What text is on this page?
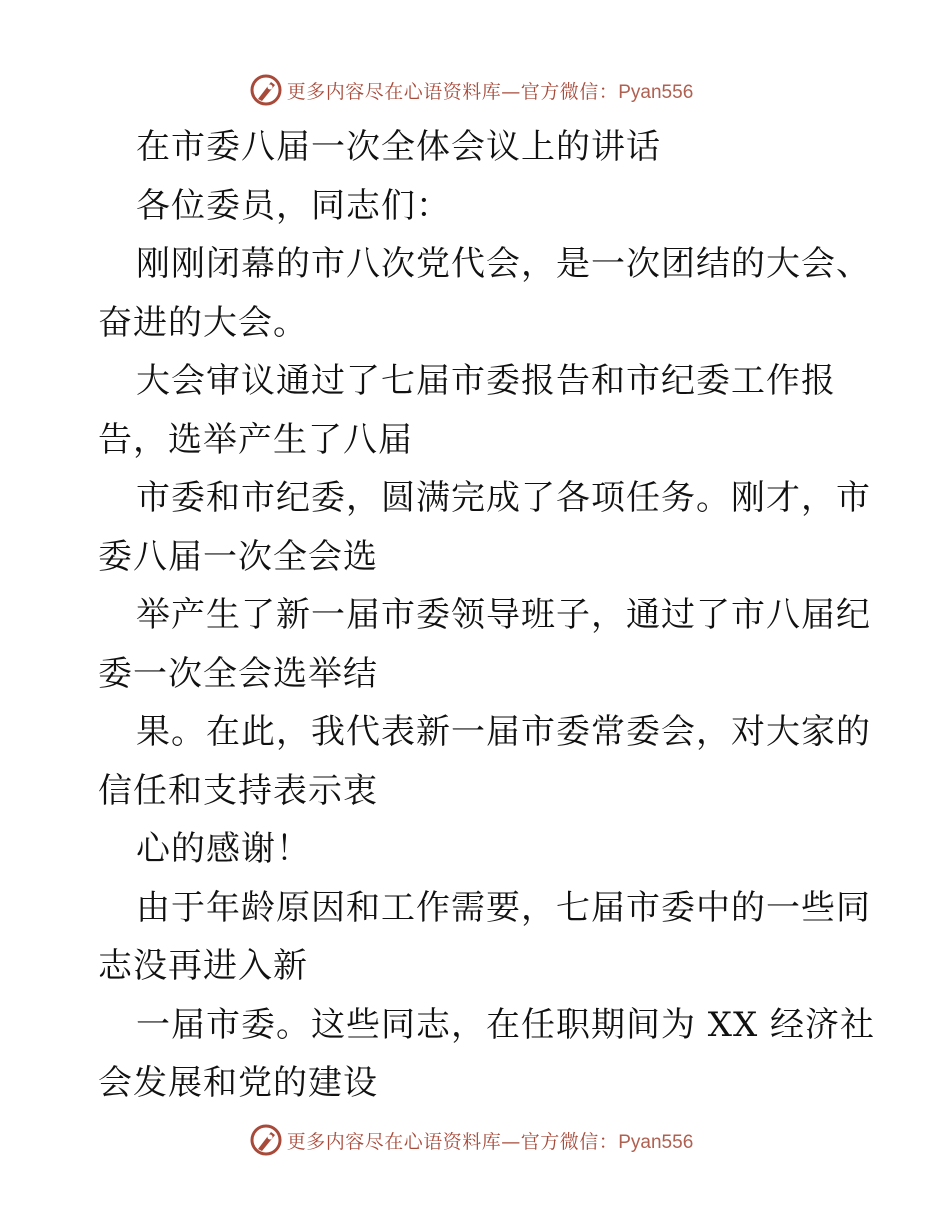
更多内容尽在心语资料库—官方微信：Pyan556
在市委八届一次全体会议上的讲话
各位委员，同志们：
刚刚闭幕的市八次党代会，是一次团结的大会、
奋进的大会。
大会审议通过了七届市委报告和市纪委工作报
告，选举产生了八届
市委和市纪委，圆满完成了各项任务。刚才，市
委八届一次全会选
举产生了新一届市委领导班子，通过了市八届纪
委一次全会选举结
果。在此，我代表新一届市委常委会，对大家的
信任和支持表示衷
心的感谢！
由于年龄原因和工作需要，七届市委中的一些同
志没再进入新
一届市委。这些同志，在任职期间为 XX 经济社
会发展和党的建设
更多内容尽在心语资料库—官方微信：Pyan556
